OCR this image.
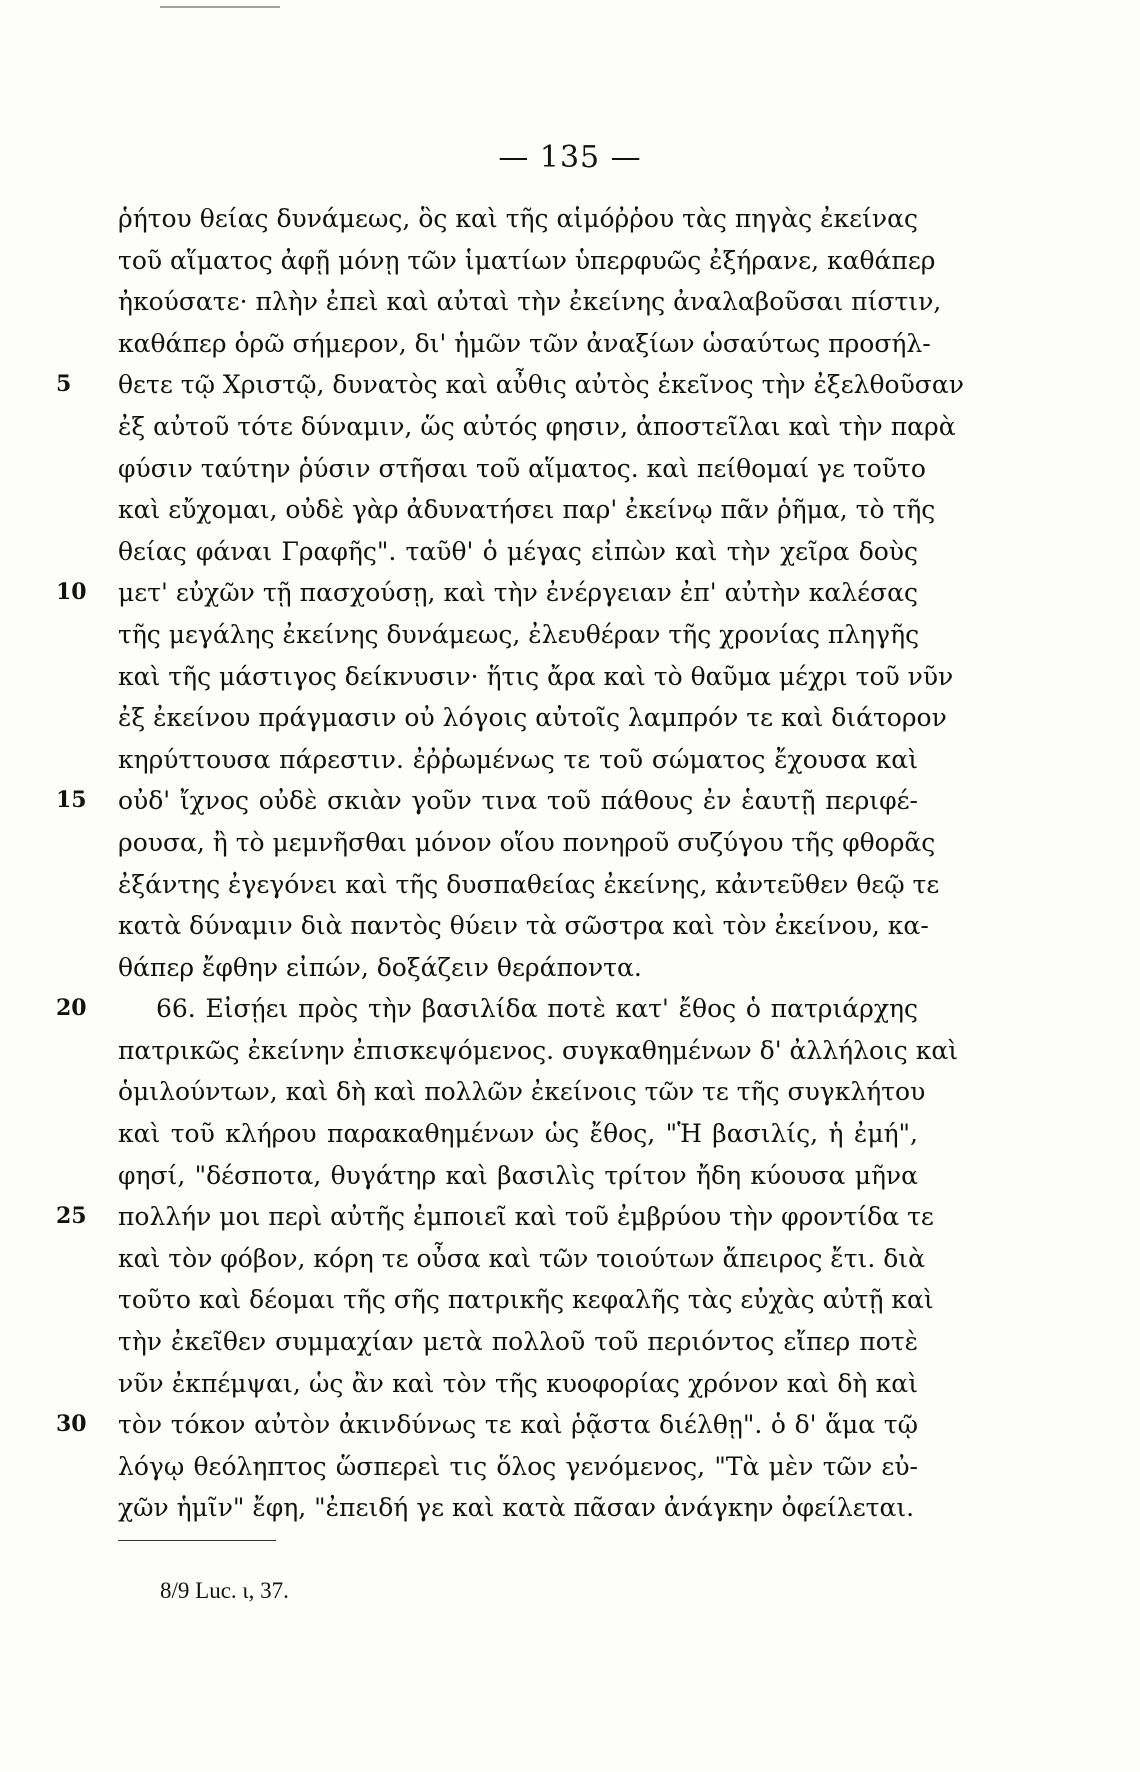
— 135 —
ῥήτου θείας δυνάμεως, ὃς καὶ τῆς αἱμόῤῥου τὰς πηγὰς ἐκείνας
τοῦ αἵματος ἀφῇ μόνῃ τῶν ἱματίων ὑπερφυῶς ἐξήρανε, καθάπερ
ἠκούσατε· πλὴν ἐπεὶ καὶ αὐταὶ τὴν ἐκείνης ἀναλαβοῦσαι πίστιν,
καθάπερ ὁρῶ σήμερον, δι' ἡμῶν τῶν ἀναξίων ὡσαύτως προσήλ-
5	θετε τῷ Χριστῷ, δυνατὸς καὶ αὖθις αὐτὸς ἐκεῖνος τὴν ἐξελθοῦσαν
ἐξ αὐτοῦ τότε δύναμιν, ὥς αὐτός φησιν, ἀποστεῖλαι καὶ τὴν παρὰ
φύσιν ταύτην ῥύσιν στῆσαι τοῦ αἵματος. καὶ πείθομαί γε τοῦτο
καὶ εὔχομαι, οὐδὲ γὰρ ἀδυνατήσει παρ' ἐκείνῳ πᾶν ῥῆμα, τὸ τῆς
θείας φάναι Γραφῆς". ταῦθ' ὁ μέγας εἰπὼν καὶ τὴν χεῖρα δοὺς
10	μετ' εὐχῶν τῇ πασχούσῃ, καὶ τὴν ἐνέργειαν ἐπ' αὐτὴν καλέσας
τῆς μεγάλης ἐκείνης δυνάμεως, ἐλευθέραν τῆς χρονίας πληγῆς
καὶ τῆς μάστιγος δείκνυσιν· ἥτις ἄρα καὶ τὸ θαῦμα μέχρι τοῦ νῦν
ἐξ ἐκείνου πράγμασιν οὐ λόγοις αὐτοῖς λαμπρόν τε καὶ διάτορον
κηρύττουσα πάρεστιν. ἐῤῥωμένως τε τοῦ σώματος ἔχουσα καὶ
15	οὐδ' ἴχνος οὐδὲ σκιὰν γοῦν τινα τοῦ πάθους ἐν ἑαυτῇ περιφέ-
ρουσα, ἢ τὸ μεμνῆσθαι μόνον οἵου πονηροῦ συζύγου τῆς φθορᾶς
ἐξάντης ἐγεγόνει καὶ τῆς δυσπαθείας ἐκείνης, κἀντεῦθεν θεῷ τε
κατὰ δύναμιν διὰ παντὸς θύειν τὰ σῶστρα καὶ τὸν ἐκείνου, κα-
θάπερ ἔφθην εἰπών, δοξάζειν θεράποντα.
20	66. Εἰσῄει πρὸς τὴν βασιλίδα ποτὲ κατ' ἔθος ὁ πατριάρχης
πατρικῶς ἐκείνην ἐπισκεψόμενος. συγκαθημένων δ' ἀλλήλοις καὶ
ὁμιλούντων, καὶ δὴ καὶ πολλῶν ἐκείνοις τῶν τε τῆς συγκλήτου
καὶ τοῦ κλήρου παρακαθημένων ὡς ἔθος, "Ἡ βασιλίς, ἡ ἐμή",
φησί, "δέσποτα, θυγάτηρ καὶ βασιλὶς τρίτον ἤδη κύουσα μῆνα
25	πολλήν μοι περὶ αὐτῆς ἐμποιεῖ καὶ τοῦ ἐμβρύου τὴν φροντίδα τε
καὶ τὸν φόβον, κόρη τε οὖσα καὶ τῶν τοιούτων ἄπειρος ἔτι. διὰ
τοῦτο καὶ δέομαι τῆς σῆς πατρικῆς κεφαλῆς τὰς εὐχὰς αὐτῇ καὶ
τὴν ἐκεῖθεν συμμαχίαν μετὰ πολλοῦ τοῦ περιόντος εἴπερ ποτὲ
νῦν ἐκπέμψαι, ὡς ἂν καὶ τὸν τῆς κυοφορίας χρόνον καὶ δὴ καὶ
30	τὸν τόκον αὐτὸν ἀκινδύνως τε καὶ ῥᾷστα διέλθῃ". ὁ δ' ἅμα τῷ
λόγῳ θεόληπτος ὥσπερεὶ τις ὅλος γενόμενος, "Τὰ μὲν τῶν εὐ-
χῶν ἡμῖν" ἔφη, "ἐπειδή γε καὶ κατὰ πᾶσαν ἀνάγκην ὀφείλεται.
8/9 Luc. ι, 37.
